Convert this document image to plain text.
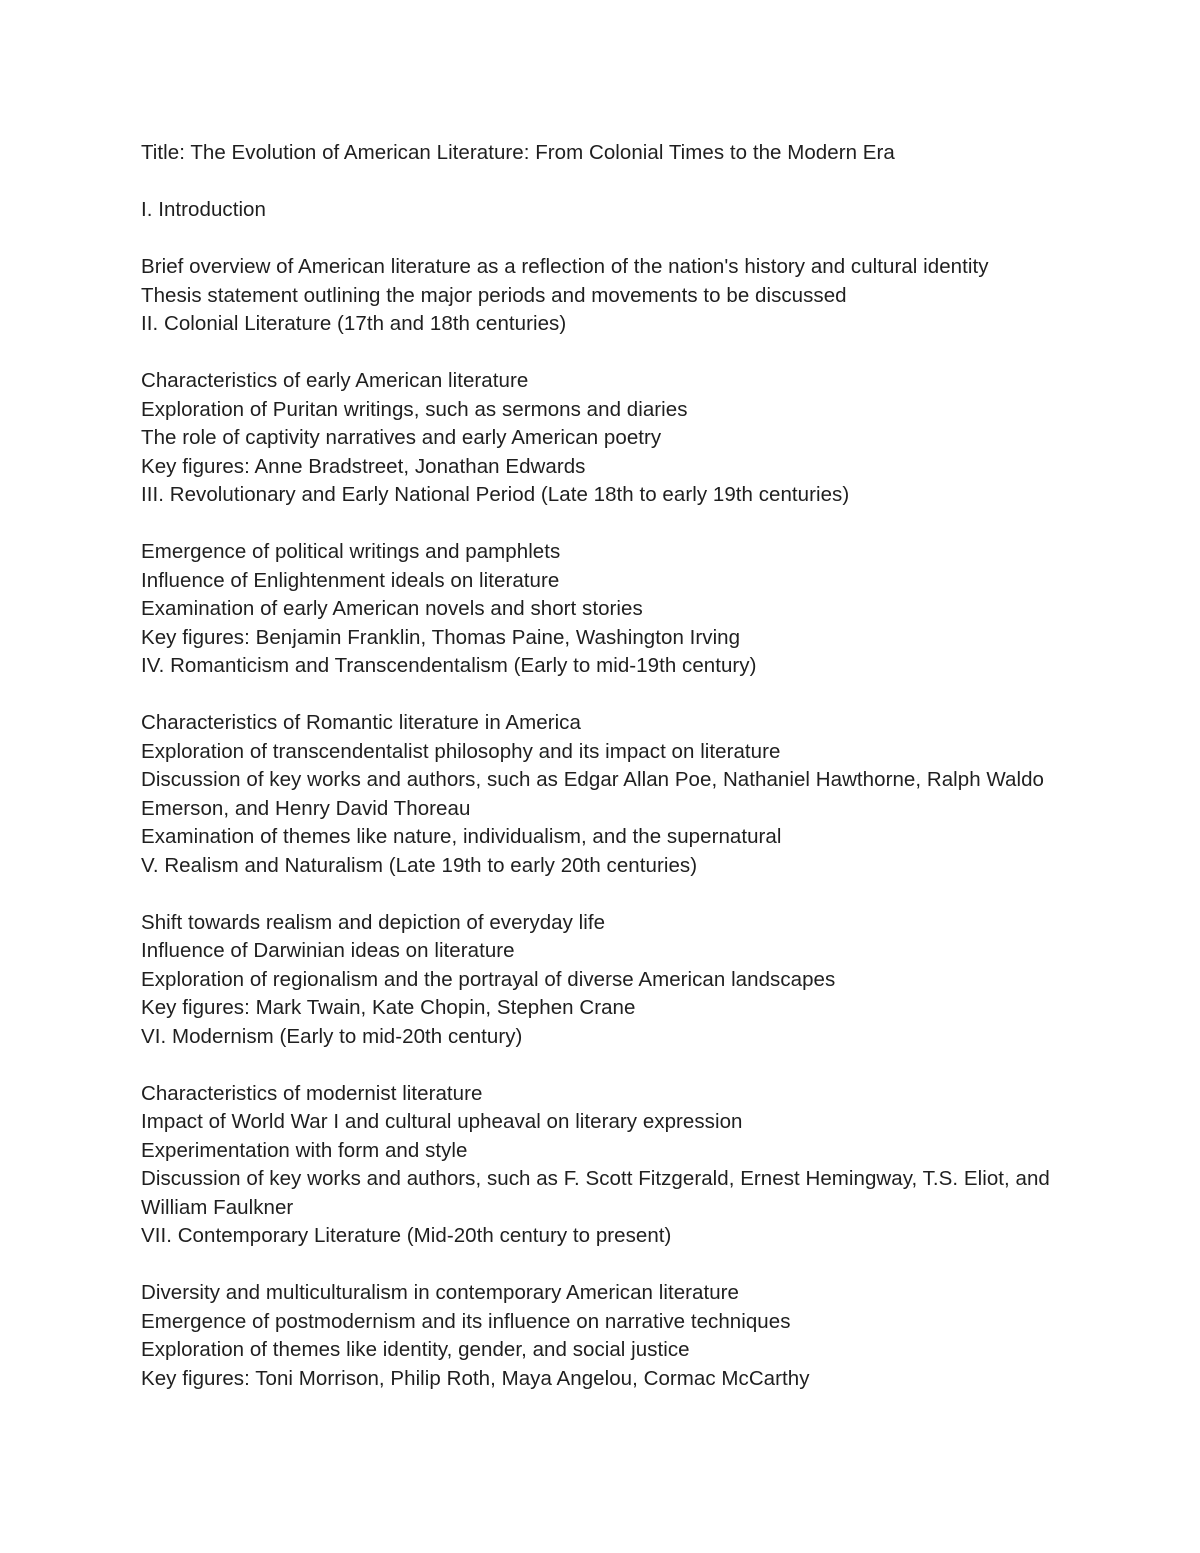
Title: The Evolution of American Literature: From Colonial Times to the Modern Era

I. Introduction

Brief overview of American literature as a reflection of the nation's history and cultural identity

Thesis statement outlining the major periods and movements to be discussed

II. Colonial Literature (17th and 18th centuries)

Characteristics of early American literature

Exploration of Puritan writings, such as sermons and diaries

The role of captivity narratives and early American poetry

Key figures: Anne Bradstreet, Jonathan Edwards

III. Revolutionary and Early National Period (Late 18th to early 19th centuries)

Emergence of political writings and pamphlets

Influence of Enlightenment ideals on literature

Examination of early American novels and short stories

Key figures: Benjamin Franklin, Thomas Paine, Washington Irving

IV. Romanticism and Transcendentalism (Early to mid-19th century)

Characteristics of Romantic literature in America

Exploration of transcendentalist philosophy and its impact on literature

Discussion of key works and authors, such as Edgar Allan Poe, Nathaniel Hawthorne, Ralph Waldo Emerson, and Henry David Thoreau

Examination of themes like nature, individualism, and the supernatural

V. Realism and Naturalism (Late 19th to early 20th centuries)

Shift towards realism and depiction of everyday life

Influence of Darwinian ideas on literature

Exploration of regionalism and the portrayal of diverse American landscapes

Key figures: Mark Twain, Kate Chopin, Stephen Crane

VI. Modernism (Early to mid-20th century)

Characteristics of modernist literature

Impact of World War I and cultural upheaval on literary expression

Experimentation with form and style

Discussion of key works and authors, such as F. Scott Fitzgerald, Ernest Hemingway, T.S. Eliot, and William Faulkner

VII. Contemporary Literature (Mid-20th century to present)

Diversity and multiculturalism in contemporary American literature

Emergence of postmodernism and its influence on narrative techniques

Exploration of themes like identity, gender, and social justice

Key figures: Toni Morrison, Philip Roth, Maya Angelou, Cormac McCarthy
